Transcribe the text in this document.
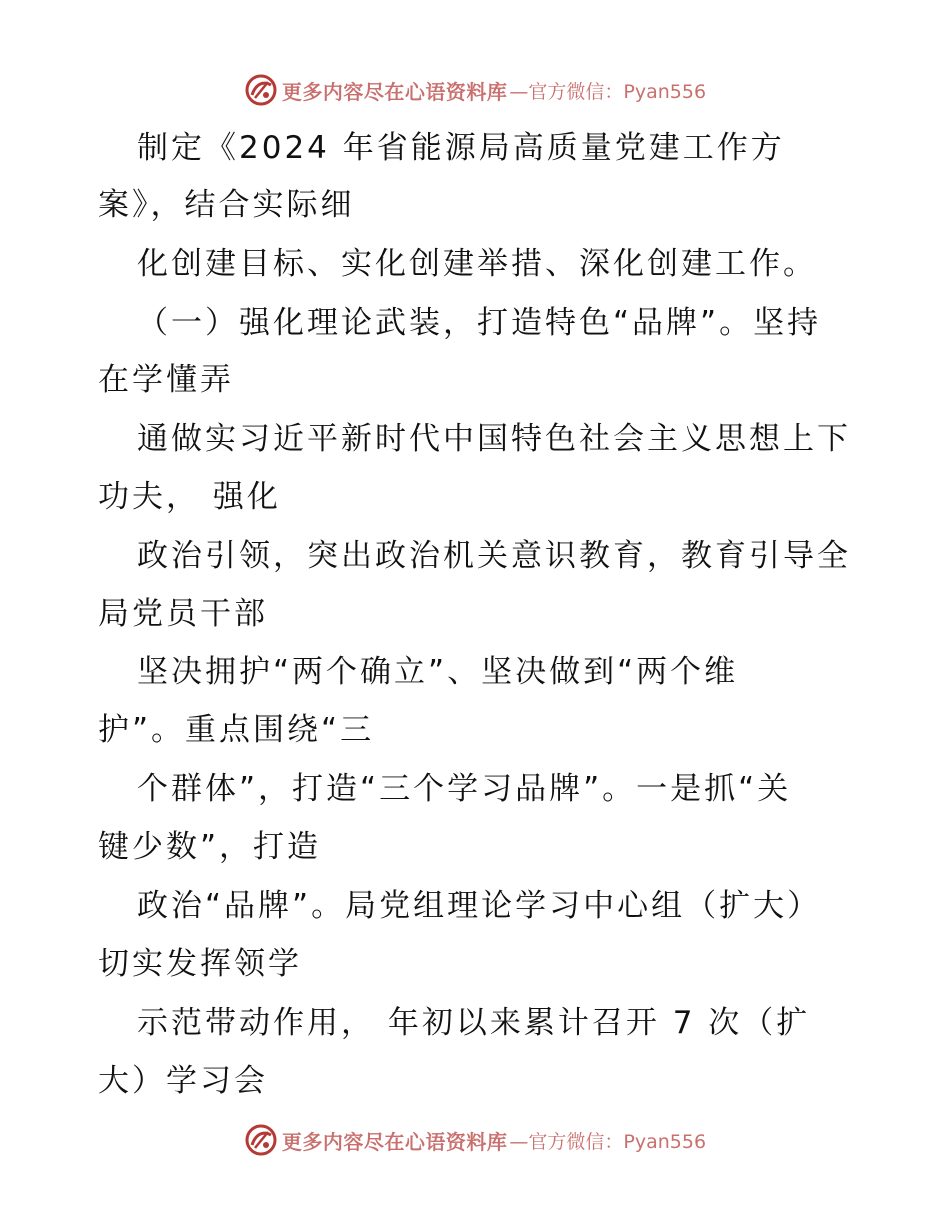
更多内容尽在心语资料库 —官方微信：Pyan556
制定《2024 年省能源局高质量党建工作方
案》，结合实际细
化创建目标、实化创建举措、深化创建工作。
（一）强化理论武装，打造特色“品牌”。坚持
在学懂弄
通做实习近平新时代中国特色社会主义思想上下
功夫， 强化
政治引领，突出政治机关意识教育，教育引导全
局党员干部
坚决拥护“两个确立”、坚决做到“两个维
护”。重点围绕“三
个群体”，打造“三个学习品牌”。一是抓“关
键少数”，打造
政治“品牌”。局党组理论学习中心组（扩大）
切实发挥领学
示范带动作用， 年初以来累计召开 7 次（扩
大）学习会
更多内容尽在心语资料库 —官方微信：Pyan556
